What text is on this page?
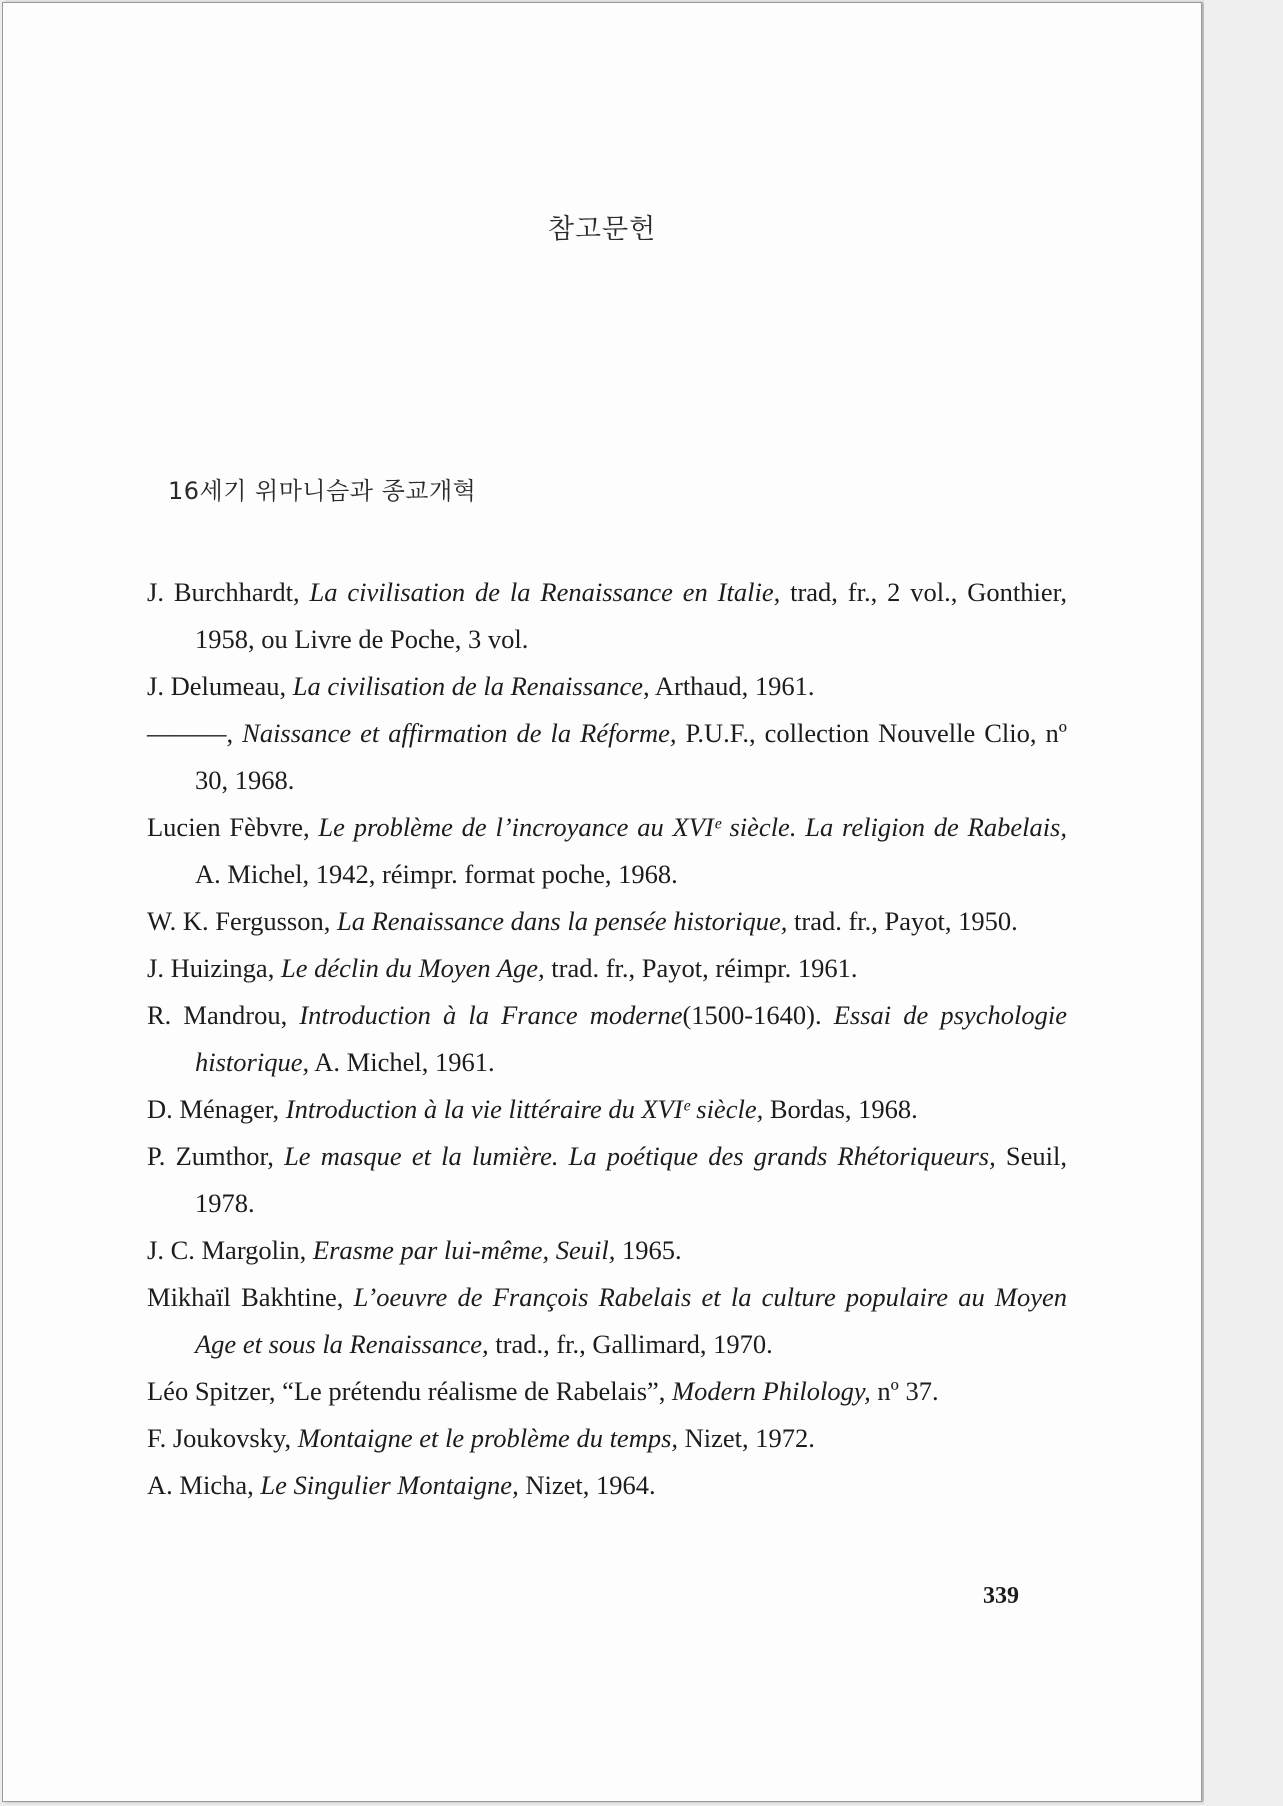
참고문헌
16세기 위마니슴과 종교개혁
J. Burchhardt, La civilisation de la Renaissance en Italie, trad, fr., 2 vol., Gonthier, 1958, ou Livre de Poche, 3 vol.
J. Delumeau, La civilisation de la Renaissance, Arthaud, 1961.
———, Naissance et affirmation de la Réforme, P.U.F., collection Nouvelle Clio, nº 30, 1968.
Lucien Fèbvre, Le problème de l’incroyance au XVIᵉ siècle. La religion de Rabelais, A. Michel, 1942, réimpr. format poche, 1968.
W. K. Fergusson, La Renaissance dans la pensée historique, trad. fr., Payot, 1950.
J. Huizinga, Le déclin du Moyen Age, trad. fr., Payot, réimpr. 1961.
R. Mandrou, Introduction à la France moderne(1500-1640). Essai de psychologie historique, A. Michel, 1961.
D. Ménager, Introduction à la vie littéraire du XVIᵉ siècle, Bordas, 1968.
P. Zumthor, Le masque et la lumière. La poétique des grands Rhétoriqueurs, Seuil, 1978.
J. C. Margolin, Erasme par lui-même, Seuil, 1965.
Mikhaïl Bakhtine, L’oeuvre de François Rabelais et la culture populaire au Moyen Age et sous la Renaissance, trad., fr., Gallimard, 1970.
Léo Spitzer, “Le prétendu réalisme de Rabelais”, Modern Philology, nº 37.
F. Joukovsky, Montaigne et le problème du temps, Nizet, 1972.
A. Micha, Le Singulier Montaigne, Nizet, 1964.
339
